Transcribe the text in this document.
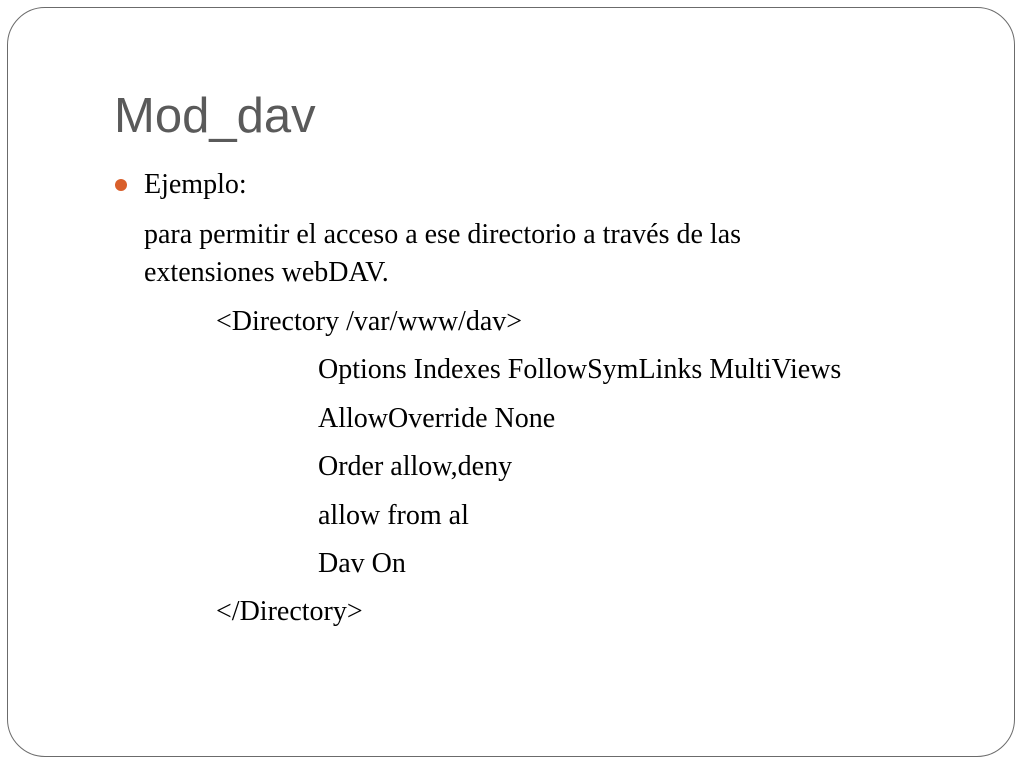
Mod_dav
Ejemplo:
para permitir el acceso a ese directorio a través de las
extensiones webDAV.
<Directory /var/www/dav>
Options Indexes FollowSymLinks MultiViews
AllowOverride None
Order allow,deny
allow from al
Dav On
</Directory>
